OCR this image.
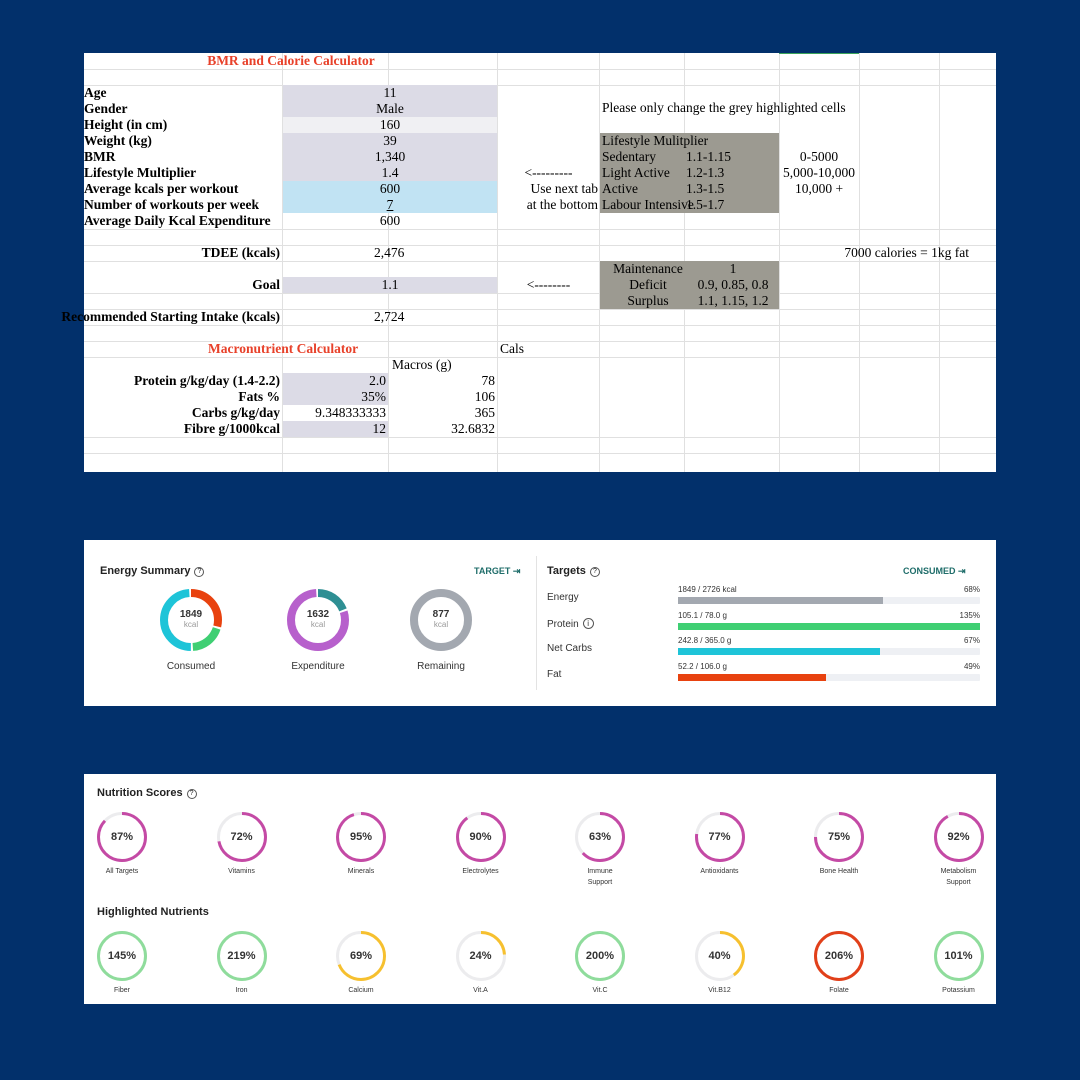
BMR and Calorie Calculator
Age	11
Gender	Male
Height (in cm)	160
Weight (kg)	39
BMR	1,340
Lifestyle Multiplier	1.4
Average kcals per workout	600
Number of workouts per week	7
Average Daily Kcal Expenditure	600
Please only change the grey highlighted cells
Lifestyle Mulitplier
Sedentary	1.1-1.15
Light Active	1.2-1.3
Active	1.3-1.5
Labour Intensive
1.5-1.7
0-5000
5,000-10,000
10,000 +
<---------
Use next tab
at the bottom
TDEE (kcals)	2,476	7000 calories = 1kg fat
Goal	1.1	<--------
Maintenance	1
Deficit	0.9, 0.85, 0.8
Surplus	1.1, 1.15, 1.2
Recommended Starting Intake (kcals)	2,724
Macronutrient Calculator	Cals
Macros (g)
Protein g/kg/day (1.4-2.2)	2.0	78
Fats %	35%	106
Carbs g/kg/day	9.348333333	365
Fibre g/1000kcal	12	32.6832
Energy Summary ?	TARGET ⇥
1849
kcal
Consumed
1632
kcal
Expenditure
877
kcal
Remaining
Targets ?	CONSUMED ⇥
Energy
1849 / 2726 kcal	68%
Protein i
105.1 / 78.0 g	135%
Net Carbs
242.8 / 365.0 g	67%
Fat
52.2 / 106.0 g	49%
Nutrition Scores ?
87%
All Targets
72%
Vitamins
95%
Minerals
90%
Electrolytes
63%
Immune
Support
77%
Antioxidants
75%
Bone Health
92%
Metabolism
Support
Highlighted Nutrients
145%
Fiber
219%
Iron
69%
Calcium
24%
Vit.A
200%
Vit.C
40%
Vit.B12
206%
Folate
101%
Potassium
